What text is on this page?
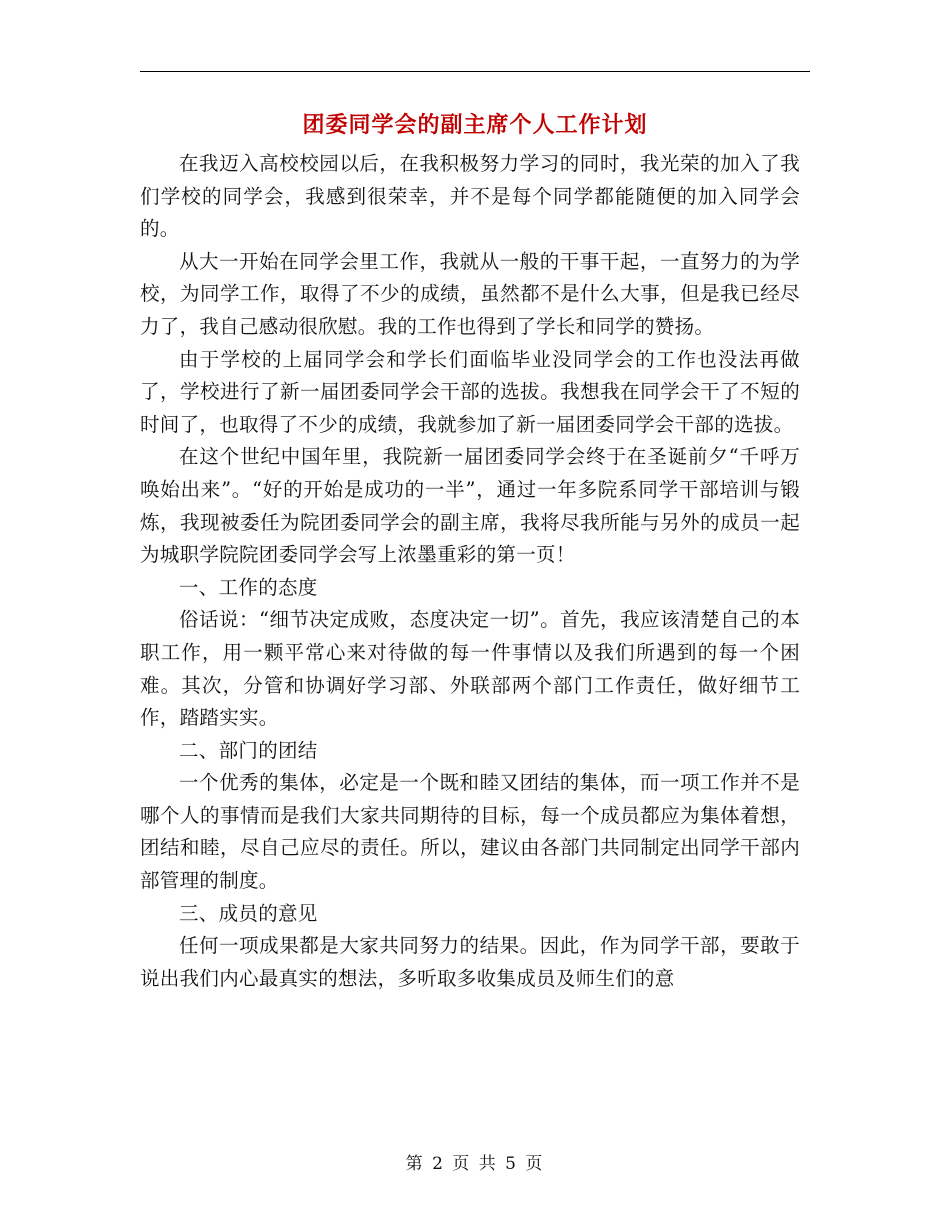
团委同学会的副主席个人工作计划

在我迈入高校校园以后，在我积极努力学习的同时，我光荣的加入了我们学校的同学会，我感到很荣幸，并不是每个同学都能随便的加入同学会的。

从大一开始在同学会里工作，我就从一般的干事干起，一直努力的为学校，为同学工作，取得了不少的成绩，虽然都不是什么大事，但是我已经尽力了，我自己感动很欣慰。我的工作也得到了学长和同学的赞扬。

由于学校的上届同学会和学长们面临毕业没同学会的工作也没法再做了，学校进行了新一届团委同学会干部的选拔。我想我在同学会干了不短的时间了，也取得了不少的成绩，我就参加了新一届团委同学会干部的选拔。

在这个世纪中国年里，我院新一届团委同学会终于在圣诞前夕“千呼万唤始出来”。“好的开始是成功的一半”，通过一年多院系同学干部培训与锻炼，我现被委任为院团委同学会的副主席，我将尽我所能与另外的成员一起为城职学院院团委同学会写上浓墨重彩的第一页！

一、工作的态度

俗话说：“细节决定成败，态度决定一切”。首先，我应该清楚自己的本职工作，用一颗平常心来对待做的每一件事情以及我们所遇到的每一个困难。其次，分管和协调好学习部、外联部两个部门工作责任，做好细节工作，踏踏实实。

二、部门的团结

一个优秀的集体，必定是一个既和睦又团结的集体，而一项工作并不是哪个人的事情而是我们大家共同期待的目标，每一个成员都应为集体着想，团结和睦，尽自己应尽的责任。所以，建议由各部门共同制定出同学干部内部管理的制度。

三、成员的意见

任何一项成果都是大家共同努力的结果。因此，作为同学干部，要敢于说出我们内心最真实的想法，多听取多收集成员及师生们的意

第 2 页 共 5 页
